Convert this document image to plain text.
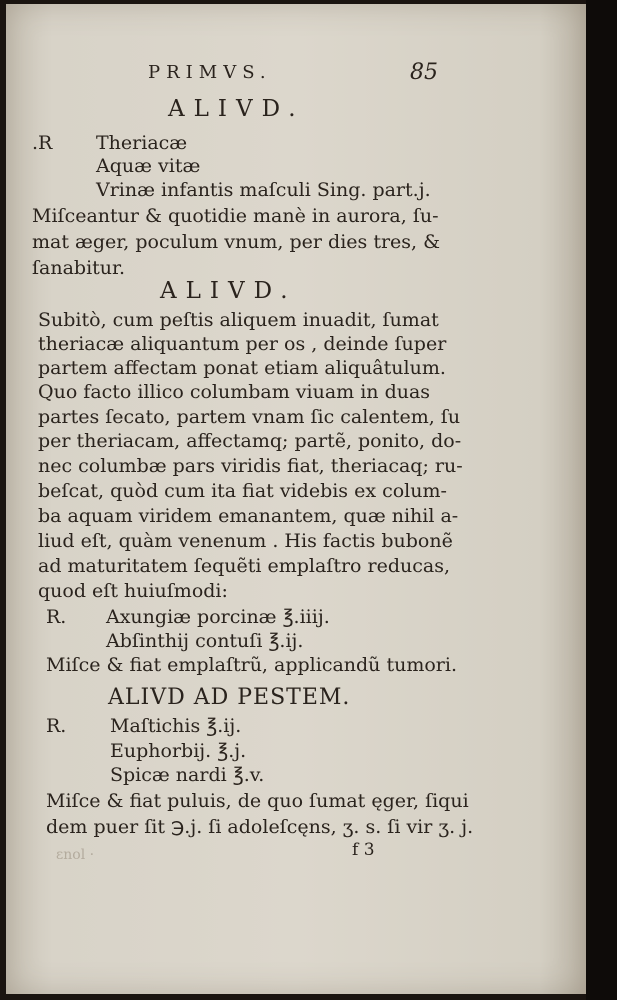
PRIMVS.	85
ALIVD.
.R Theriacæ
Aquæ vitæ
Vrinæ infantis maſculi Sing. part.j.
Miſceantur & quotidie manè in aurora, ſu-
mat æger, poculum vnum, per dies tres, &
ſanabitur.
ALIVD.
Subitò, cum peſtis aliquem inuadit, ſumat
theriacæ aliquantum per os , deinde ſuper
partem affectam ponat etiam aliquâtulum.
Quo facto illico columbam viuam in duas
partes ſecato, partem vnam ſic calentem, ſu
per theriacam, affectamq; partẽ, ponito, do-
nec columbæ pars viridis fiat, theriacaq; ru-
beſcat, quòd cum ita fiat videbis ex colum-
ba aquam viridem emanantem, quæ nihil a-
liud eſt, quàm venenum . His factis bubonẽ
ad maturitatem ſequẽti emplaſtro reducas,
quod eſt huiuſmodi:
R. Axungiæ porcinæ ℥.iiij.
Abſinthij contuſi ℥.ij.
Miſce & fiat emplaſtrũ, applicandũ tumori.
ALIVD AD PESTEM.
R. Maſtichis ℥.ij.
Euphorbij. ℥.j.
Spicæ nardi ℥.v.
Miſce & fiat puluis, de quo ſumat ęger, ſiqui
dem puer ſit ℈.j. ſi adoleſcęns, ʒ. s. ſi vir ʒ. j.
f 3
ɛnol ·
